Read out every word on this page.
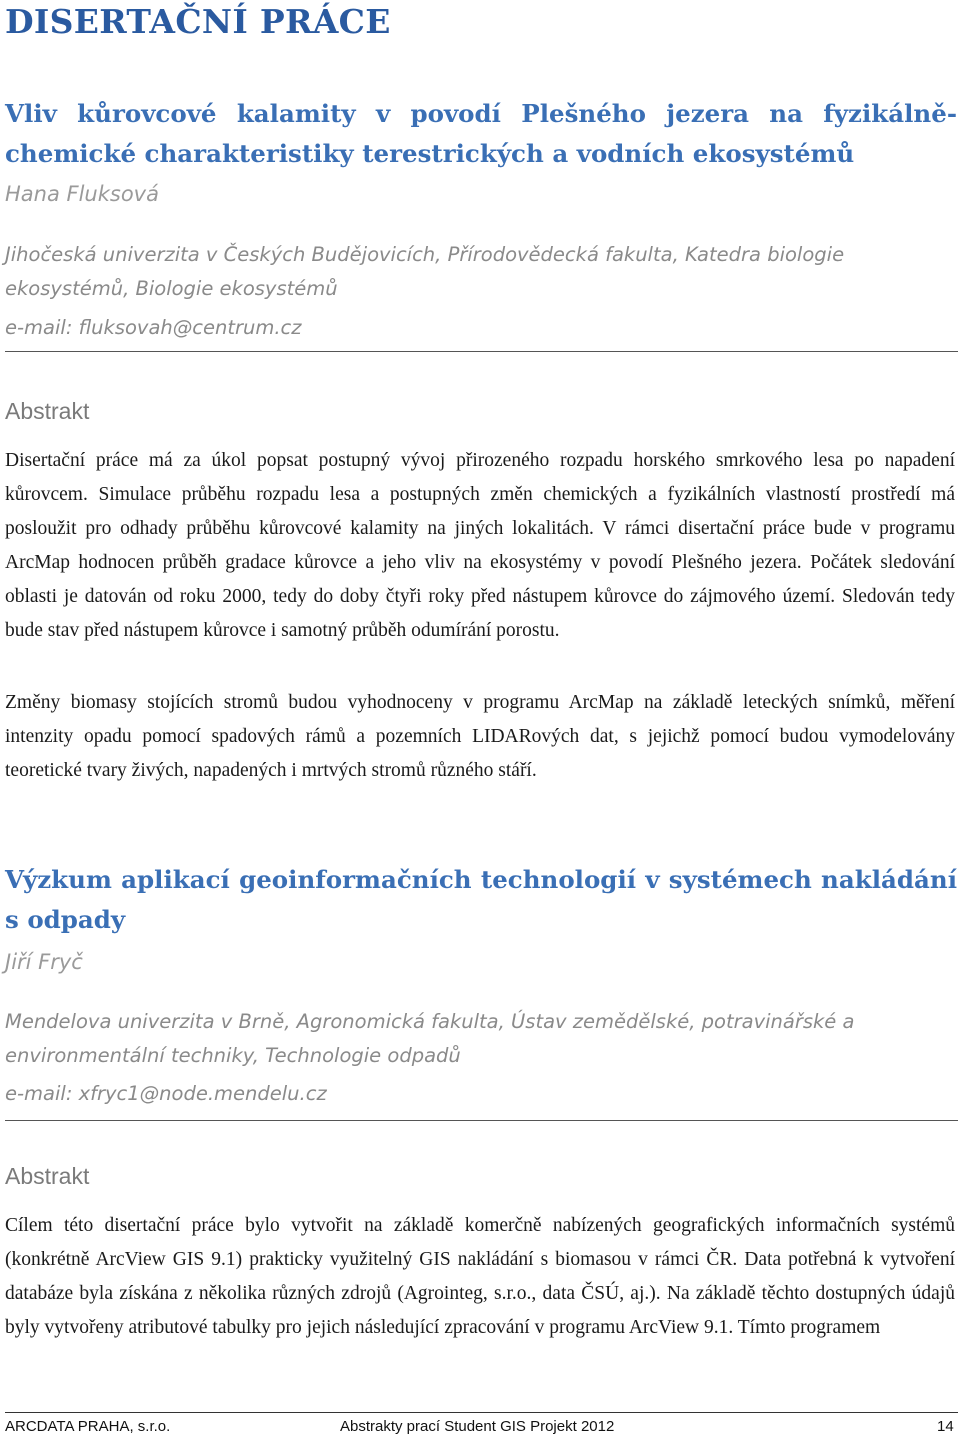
DISERTAČNÍ PRÁCE
Vliv kůrovcové kalamity v povodí Plešného jezera na fyzikálně-chemické charakteristiky terestrických a vodních ekosystémů
Hana Fluksová
Jihočeská univerzita v Českých Budějovicích, Přírodovědecká fakulta, Katedra biologie ekosystémů, Biologie ekosystémů
e-mail: fluksovah@centrum.cz
Abstrakt

Disertační práce má za úkol popsat postupný vývoj přirozeného rozpadu horského smrkového lesa po napadení kůrovcem. Simulace průběhu rozpadu lesa a postupných změn chemických a fyzikálních vlastností prostředí má posloužit pro odhady průběhu kůrovcové kalamity na jiných lokalitách. V rámci disertační práce bude v programu ArcMap hodnocen průběh gradace kůrovce a jeho vliv na ekosystémy v povodí Plešného jezera. Počátek sledování oblasti je datován od roku 2000, tedy do doby čtyři roky před nástupem kůrovce do zájmového území. Sledován tedy bude stav před nástupem kůrovce i samotný průběh odumírání porostu.

Změny biomasy stojících stromů budou vyhodnoceny v programu ArcMap na základě leteckých snímků, měření intenzity opadu pomocí spadových rámů a pozemních LIDARových dat, s jejichž pomocí budou vymodelovány teoretické tvary živých, napadených i mrtvých stromů různého stáří.

Výzkum aplikací geoinformačních technologií v systémech nakládání s odpady
Jiří Fryč
Mendelova univerzita v Brně, Agronomická fakulta, Ústav zemědělské, potravinářské a environmentální techniky, Technologie odpadů
e-mail: xfryc1@node.mendelu.cz
Abstrakt

Cílem této disertační práce bylo vytvořit na základě komerčně nabízených geografických informačních systémů (konkrétně ArcView GIS 9.1) prakticky využitelný GIS nakládání s biomasou v rámci ČR. Data potřebná k vytvoření databáze byla získána z několika různých zdrojů (Agrointeg, s.r.o., data ČSÚ, aj.). Na základě těchto dostupných údajů byly vytvořeny atributové tabulky pro jejich následující zpracování v programu ArcView 9.1. Tímto programem

ARCDATA PRAHA, s.r.o.	Abstrakty prací Student GIS Projekt 2012	14
